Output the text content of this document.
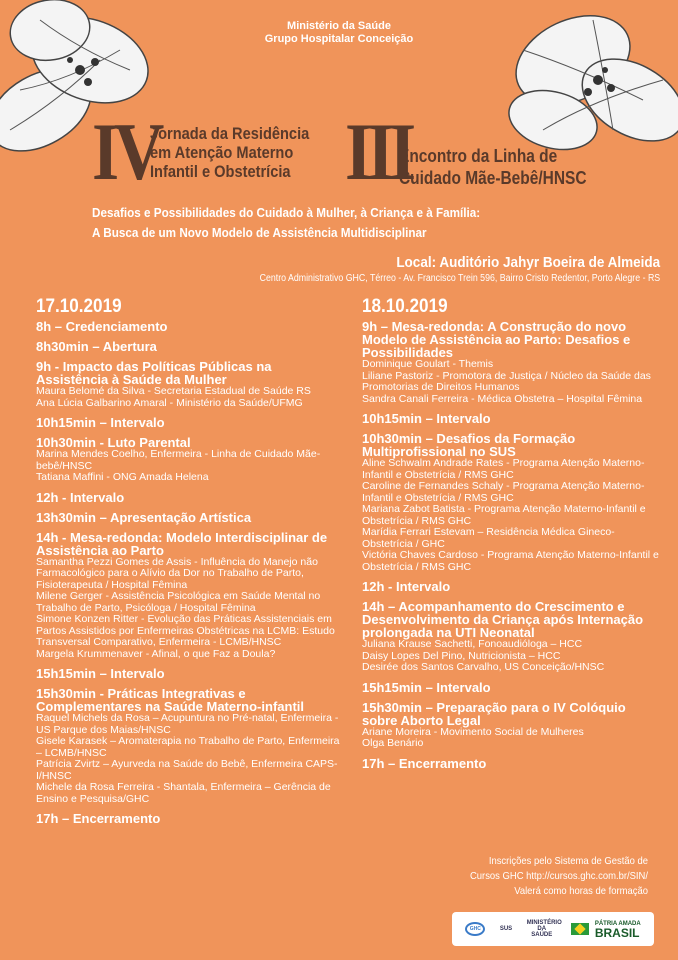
Ministério da Saúde
Grupo Hospitalar Conceição
IV
Jornada da Residência
em Atenção Materno
Infantil e Obstetrícia III
Encontro da Linha de
Cuidado Mãe-Bebê/HNSC
Desafios e Possibilidades do Cuidado à Mulher, à Criança e à Família:
A Busca de um Novo Modelo de Assistência Multidisciplinar
Local: Auditório Jahyr Boeira de Almeida
Centro Administrativo GHC, Térreo - Av. Francisco Trein 596, Bairro Cristo Redentor, Porto Alegre - RS
17.10.2019
8h – Credenciamento
8h30min – Abertura
9h - Impacto das Políticas Públicas na Assistência à Saúde da Mulher
Maura Belomé da Silva - Secretaria Estadual de Saúde RS
Ana Lúcia Galbarino Amaral - Ministério da Saúde/UFMG
10h15min – Intervalo
10h30min - Luto Parental
Marina Mendes Coelho, Enfermeira - Linha de Cuidado Mãe-bebê/HNSC
Tatiana Maffini - ONG Amada Helena
12h - Intervalo
13h30min – Apresentação Artística
14h - Mesa-redonda: Modelo Interdisciplinar de Assistência ao Parto
Samantha Pezzi Gomes de Assis - Influência do Manejo não Farmacológico para o Alívio da Dor no Trabalho de Parto, Fisioterapeuta / Hospital Fêmina
Milene Gerger - Assistência Psicológica em Saúde Mental no Trabalho de Parto, Psicóloga / Hospital Fêmina
Simone Konzen Ritter - Evolução das Práticas Assistenciais em Partos Assistidos por Enfermeiras Obstétricas na LCMB: Estudo Transversal Comparativo, Enfermeira - LCMB/HNSC
Margela Krummenaver - Afinal, o que Faz a Doula?
15h15min – Intervalo
15h30min - Práticas Integrativas e Complementares na Saúde Materno-infantil
Raquel Michels da Rosa – Acupuntura no Pré-natal, Enfermeira - US Parque dos Maias/HNSC
Gisele Karasek – Aromaterapia no Trabalho de Parto, Enfermeira – LCMB/HNSC
Patrícia Zvirtz – Ayurveda na Saúde do Bebê, Enfermeira CAPS-I/HNSC
Michele da Rosa Ferreira - Shantala, Enfermeira – Gerência de Ensino e Pesquisa/GHC
17h – Encerramento
18.10.2019
9h – Mesa-redonda: A Construção do novo Modelo de Assistência ao Parto: Desafios e Possibilidades
Dominique Goulart - Themis
Liliane Pastoriz - Promotora de Justiça / Núcleo da Saúde das Promotorias de Direitos Humanos
Sandra Canali Ferreira - Médica Obstetra – Hospital Fêmina
10h15min – Intervalo
10h30min – Desafios da Formação Multiprofissional no SUS
Aline Schwalm Andrade Rates - Programa Atenção Materno-Infantil e Obstetrícia / RMS GHC
Caroline de Fernandes Schaly - Programa Atenção Materno-Infantil e Obstetrícia / RMS GHC
Mariana Zabot Batista - Programa Atenção Materno-Infantil e Obstetrícia / RMS GHC
Marídia Ferrari Estevam – Residência Médica Gineco-Obstetrícia / GHC
Victória Chaves Cardoso - Programa Atenção Materno-Infantil e Obstetrícia / RMS GHC
12h - Intervalo
14h – Acompanhamento do Crescimento e Desenvolvimento da Criança após Internação prolongada na UTI Neonatal
Juliana Krause Sachetti, Fonoaudióloga – HCC
Daisy Lopes Del Pino, Nutricionista – HCC
Desirée dos Santos Carvalho, US Conceição/HNSC
15h15min – Intervalo
15h30min – Preparação para o IV Colóquio sobre Aborto Legal
Ariane Moreira - Movimento Social de Mulheres
Olga Benário
17h – Encerramento
Inscrições pelo Sistema de Gestão de
Cursos GHC http://cursos.ghc.com.br/SIN/
Valerá como horas de formação
GHC	SUS
MINISTÉRIO DA SAÚDE

PÁTRIA AMADA
BRASIL
